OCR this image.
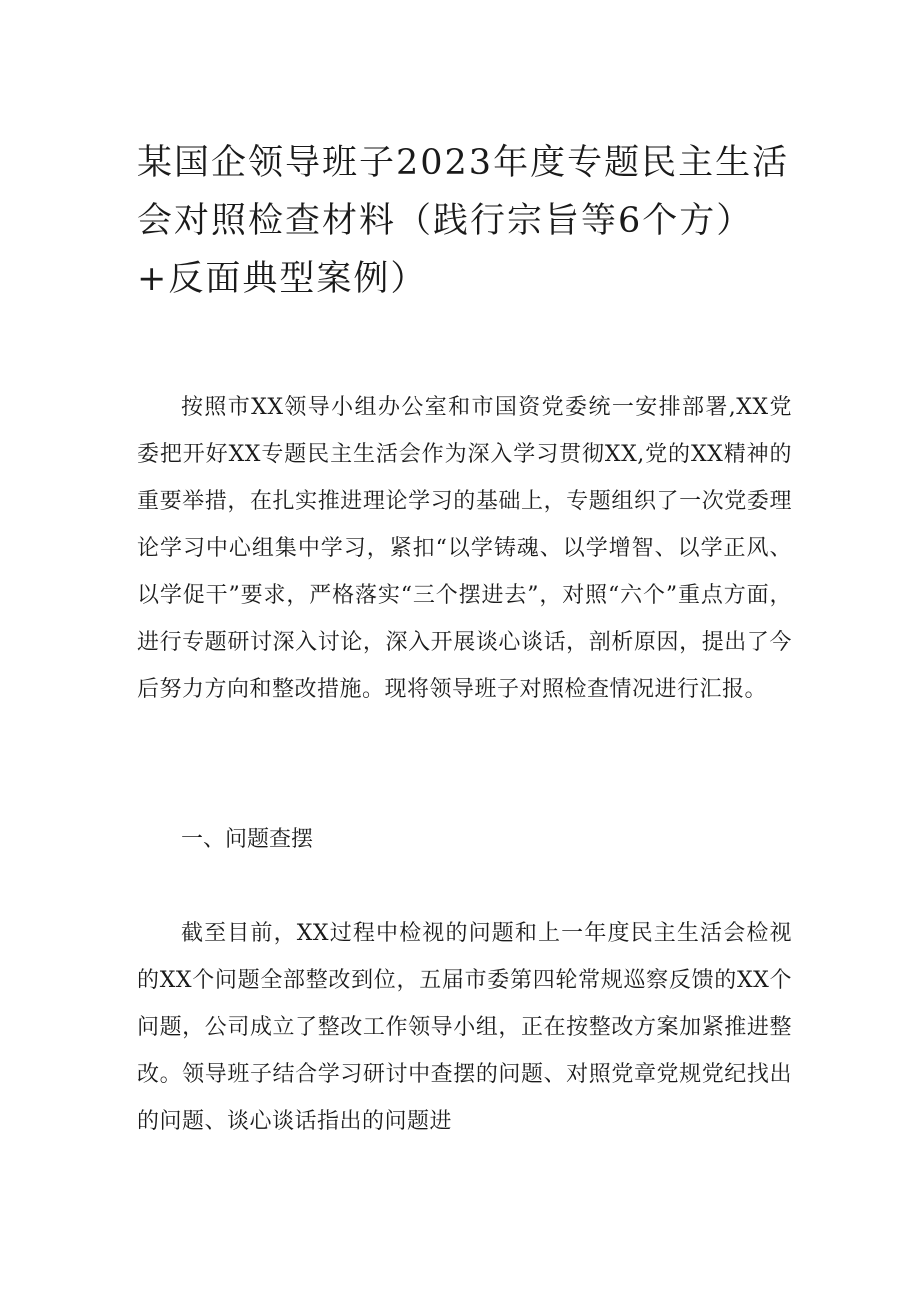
某国企领导班子2023年度专题民主生活会对照检查材料（践行宗旨等6个方）+反面典型案例）

按照市XX领导小组办公室和市国资党委统一安排部署,XX党委把开好XX专题民主生活会作为深入学习贯彻XX,党的XX精神的重要举措，在扎实推进理论学习的基础上，专题组织了一次党委理论学习中心组集中学习，紧扣“以学铸魂、以学增智、以学正风、以学促干”要求，严格落实“三个摆进去”，对照“六个”重点方面，进行专题研讨深入讨论，深入开展谈心谈话，剖析原因，提出了今后努力方向和整改措施。现将领导班子对照检查情况进行汇报。

一、问题查摆

截至目前，XX过程中检视的问题和上一年度民主生活会检视的XX个问题全部整改到位，五届市委第四轮常规巡察反馈的XX个问题，公司成立了整改工作领导小组，正在按整改方案加紧推进整改。领导班子结合学习研讨中查摆的问题、对照党章党规党纪找出的问题、谈心谈话指出的问题进
